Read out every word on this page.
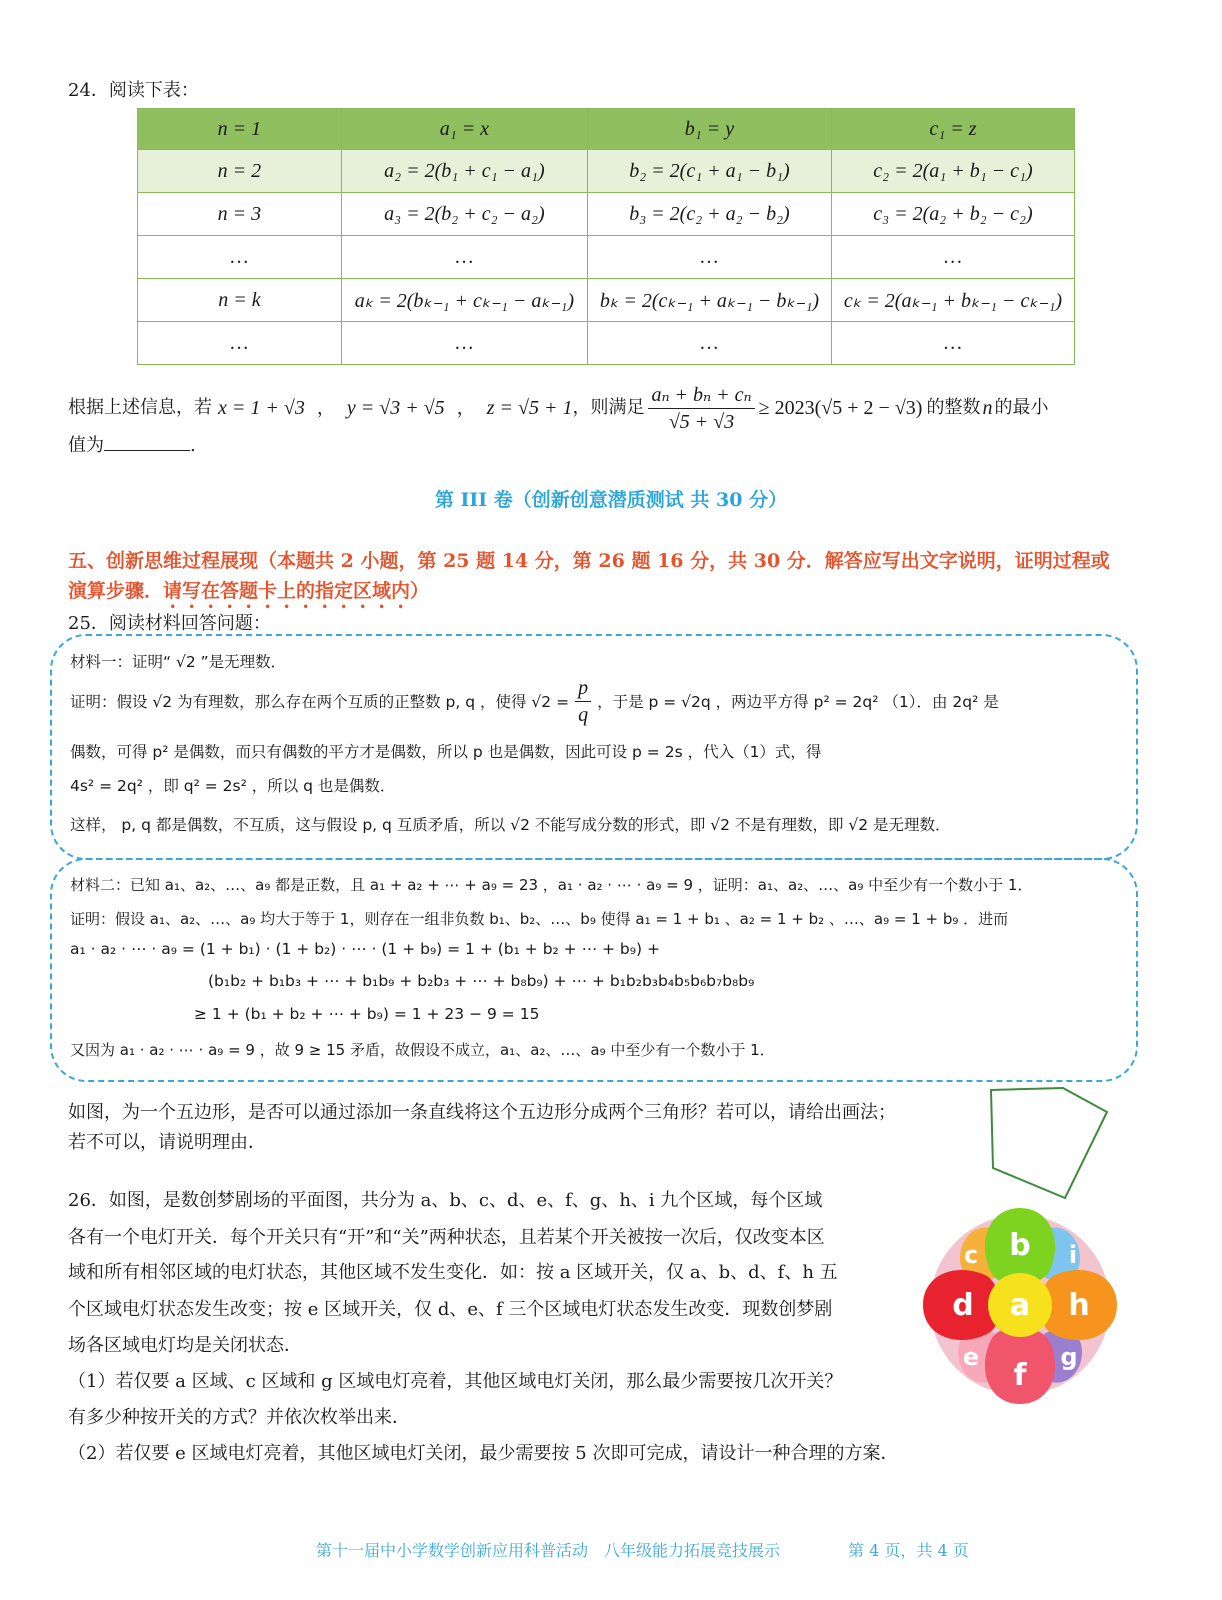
24．阅读下表：
n = 1	a₁ = x	b₁ = y	c₁ = z
n = 2	a₂ = 2(b₁ + c₁ − a₁)	b₂ = 2(c₁ + a₁ − b₁)	c₂ = 2(a₁ + b₁ − c₁)
n = 3	a₃ = 2(b₂ + c₂ − a₂)	b₃ = 2(c₂ + a₂ − b₂)	c₃ = 2(a₂ + b₂ − c₂)
…	…	…	…
n = k	aₖ = 2(bₖ₋₁ + cₖ₋₁ − aₖ₋₁)	bₖ = 2(cₖ₋₁ + aₖ₋₁ − bₖ₋₁)	cₖ = 2(aₖ₋₁ + bₖ₋₁ − cₖ₋₁)
…	…	…	…
根据上述信息，若 x = 1 + √3 ， y = √3 + √5 ， z = √5 + 1 ，则满足 $\frac{\text{aₙ + bₙ + cₙ}}{√5 + √3} \ge 2023(√5 + 2 - √3)$ 的整数 n 的最小
值为	.
第 III 卷（创新创意潜质测试 共 30 分）
五、创新思维过程展现（本题共 2 小题，第 25 题 14 分，第 26 题 16 分，共 30 分．解答应写出文字说明，证明过程或
演算步骤．请写在答题卡上的指定区域内）
25．阅读材料回答问题：
材料一：证明“ √2 ”是无理数．
证明：假设 √2 为有理数，那么存在两个互质的正整数 p, q ，使得 $√2 = \frac{p}{q}$ ，于是 p = √2q ，两边平方得 p² = 2q² （1）．由 2q² 是
偶数，可得 p² 是偶数，而只有偶数的平方才是偶数，所以 p 也是偶数，因此可设 p = 2s ，代入（1）式，得
4s² = 2q² ，即 q² = 2s² ，所以 q 也是偶数．
这样， p, q 都是偶数，不互质，这与假设 p, q 互质矛盾，所以 √2 不能写成分数的形式，即 √2 不是有理数，即 √2 是无理数．
材料二：已知 a₁、a₂、…、a₉ 都是正数，且 a₁ + a₂ + ⋯ + a₉ = 23 ，a₁ · a₂ · ⋯ · a₉ = 9 ，证明：a₁、a₂、…、a₉ 中至少有一个数小于 1．
证明：假设 a₁、a₂、…、a₉ 均大于等于 1，则存在一组非负数 b₁、b₂、…、b₉ 使得 a₁ = 1 + b₁ 、a₂ = 1 + b₂ 、…、a₉ = 1 + b₉ ．进而
a₁ · a₂ · ⋯ · a₉ = (1 + b₁) · (1 + b₂) · ⋯ · (1 + b₉) = 1 + (b₁ + b₂ + ⋯ + b₉) +
(b₁b₂ + b₁b₃ + ⋯ + b₁b₉ + b₂b₃ + ⋯ + b₈b₉) + ⋯ + b₁b₂b₃b₄b₅b₆b₇b₈b₉
≥ 1 + (b₁ + b₂ + ⋯ + b₉) = 1 + 23 − 9 = 15
又因为 a₁ · a₂ · ⋯ · a₉ = 9 ，故 9 ≥ 15 矛盾，故假设不成立，a₁、a₂、…、a₉ 中至少有一个数小于 1．
如图，为一个五边形，是否可以通过添加一条直线将这个五边形分成两个三角形？若可以，请给出画法；
若不可以，请说明理由．
26．如图，是数创梦剧场的平面图，共分为 a、b、c、d、e、f、g、h、i 九个区域，每个区域
各有一个电灯开关．每个开关只有“开”和“关”两种状态，且若某个开关被按一次后，仅改变本区
域和所有相邻区域的电灯状态，其他区域不发生变化．如：按 a 区域开关，仅 a、b、d、f、h 五
个区域电灯状态发生改变；按 e 区域开关，仅 d、e、f 三个区域电灯状态发生改变．现数创梦剧
场各区域电灯均是关闭状态．
（1）若仅要 a 区域、c 区域和 g 区域电灯亮着，其他区域电灯关闭，那么最少需要按几次开关？
有多少种按开关的方式？并依次枚举出来．
（2）若仅要 e 区域电灯亮着，其他区域电灯关闭，最少需要按 5 次即可完成，请设计一种合理的方案．
a
b
c
d
e
f
g
h
i
第十一届中小学数学创新应用科普活动　八年级能力拓展竞技展示	第 4 页，共 4 页
